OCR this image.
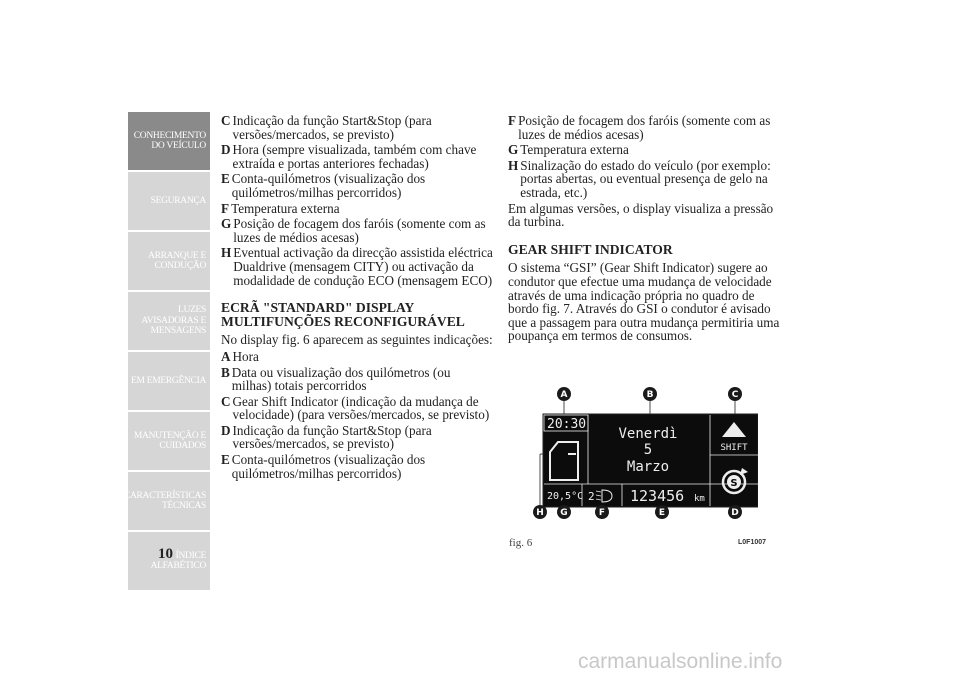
CONHECIMENTO
DO VEÍCULO
SEGURANÇA
ARRANQUE E
CONDUÇÃO
LUZES
AVISADORAS E
MENSAGENS
EM EMERGÊNCIA
MANUTENÇÃO E
CUIDADOS
CARACTERÍSTICAS
TÉCNICAS
ÍNDICE
ALFABÉTICO
10
C Indicação da função Start&Stop (para versões/mercados, se previsto)
D Hora (sempre visualizada, também com chave extraída e portas anteriores fechadas)
E Conta-quilómetros (visualização dos quilómetros/milhas percorridos)
F Temperatura externa
G Posição de focagem dos faróis (somente com as luzes de médios acesas)
H Eventual activação da direcção assistida eléctrica Dualdrive (mensagem CITY) ou activação da modalidade de condução ECO (mensagem ECO)
ECRÃ "STANDARD" DISPLAY MULTIFUNÇÕES RECONFIGURÁVEL
No display fig. 6 aparecem as seguintes indicações:
A Hora
B Data ou visualização dos quilómetros (ou milhas) totais percorridos
C Gear Shift Indicator (indicação da mudança de velocidade) (para versões/mercados, se previsto)
D Indicação da função Start&Stop (para versões/mercados, se previsto)
E Conta-quilómetros (visualização dos quilómetros/milhas percorridos)
F Posição de focagem dos faróis (somente com as luzes de médios acesas)
G Temperatura externa
H Sinalização do estado do veículo (por exemplo: portas abertas, ou eventual presença de gelo na estrada, etc.)
Em algumas versões, o display visualiza a pressão da turbina.
GEAR SHIFT INDICATOR
O sistema “GSI” (Gear Shift Indicator) sugere ao condutor que efectue uma mudança de velocidade através de uma indicação própria no quadro de bordo fig. 7. Através do GSI o condutor é avisado que a passagem para outra mudança permitiria uma poupança em termos de consumos.
20:30
Venerdì
5
Marzo
SHIFT
S
20,5°C 2 123456 km
A	B	C
H G	F	E	D
fig. 6	L0F1007
carmanualsonline.info
